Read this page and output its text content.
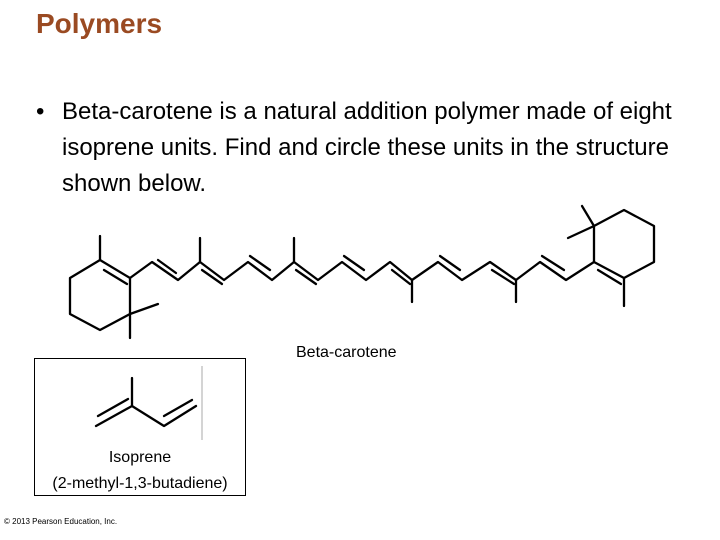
Polymers
• Beta-carotene is a natural addition polymer made of eight isoprene units. Find and circle these units in the structure shown below.
Beta-carotene
Isoprene
(2-methyl-1,3-butadiene)
© 2013 Pearson Education, Inc.
